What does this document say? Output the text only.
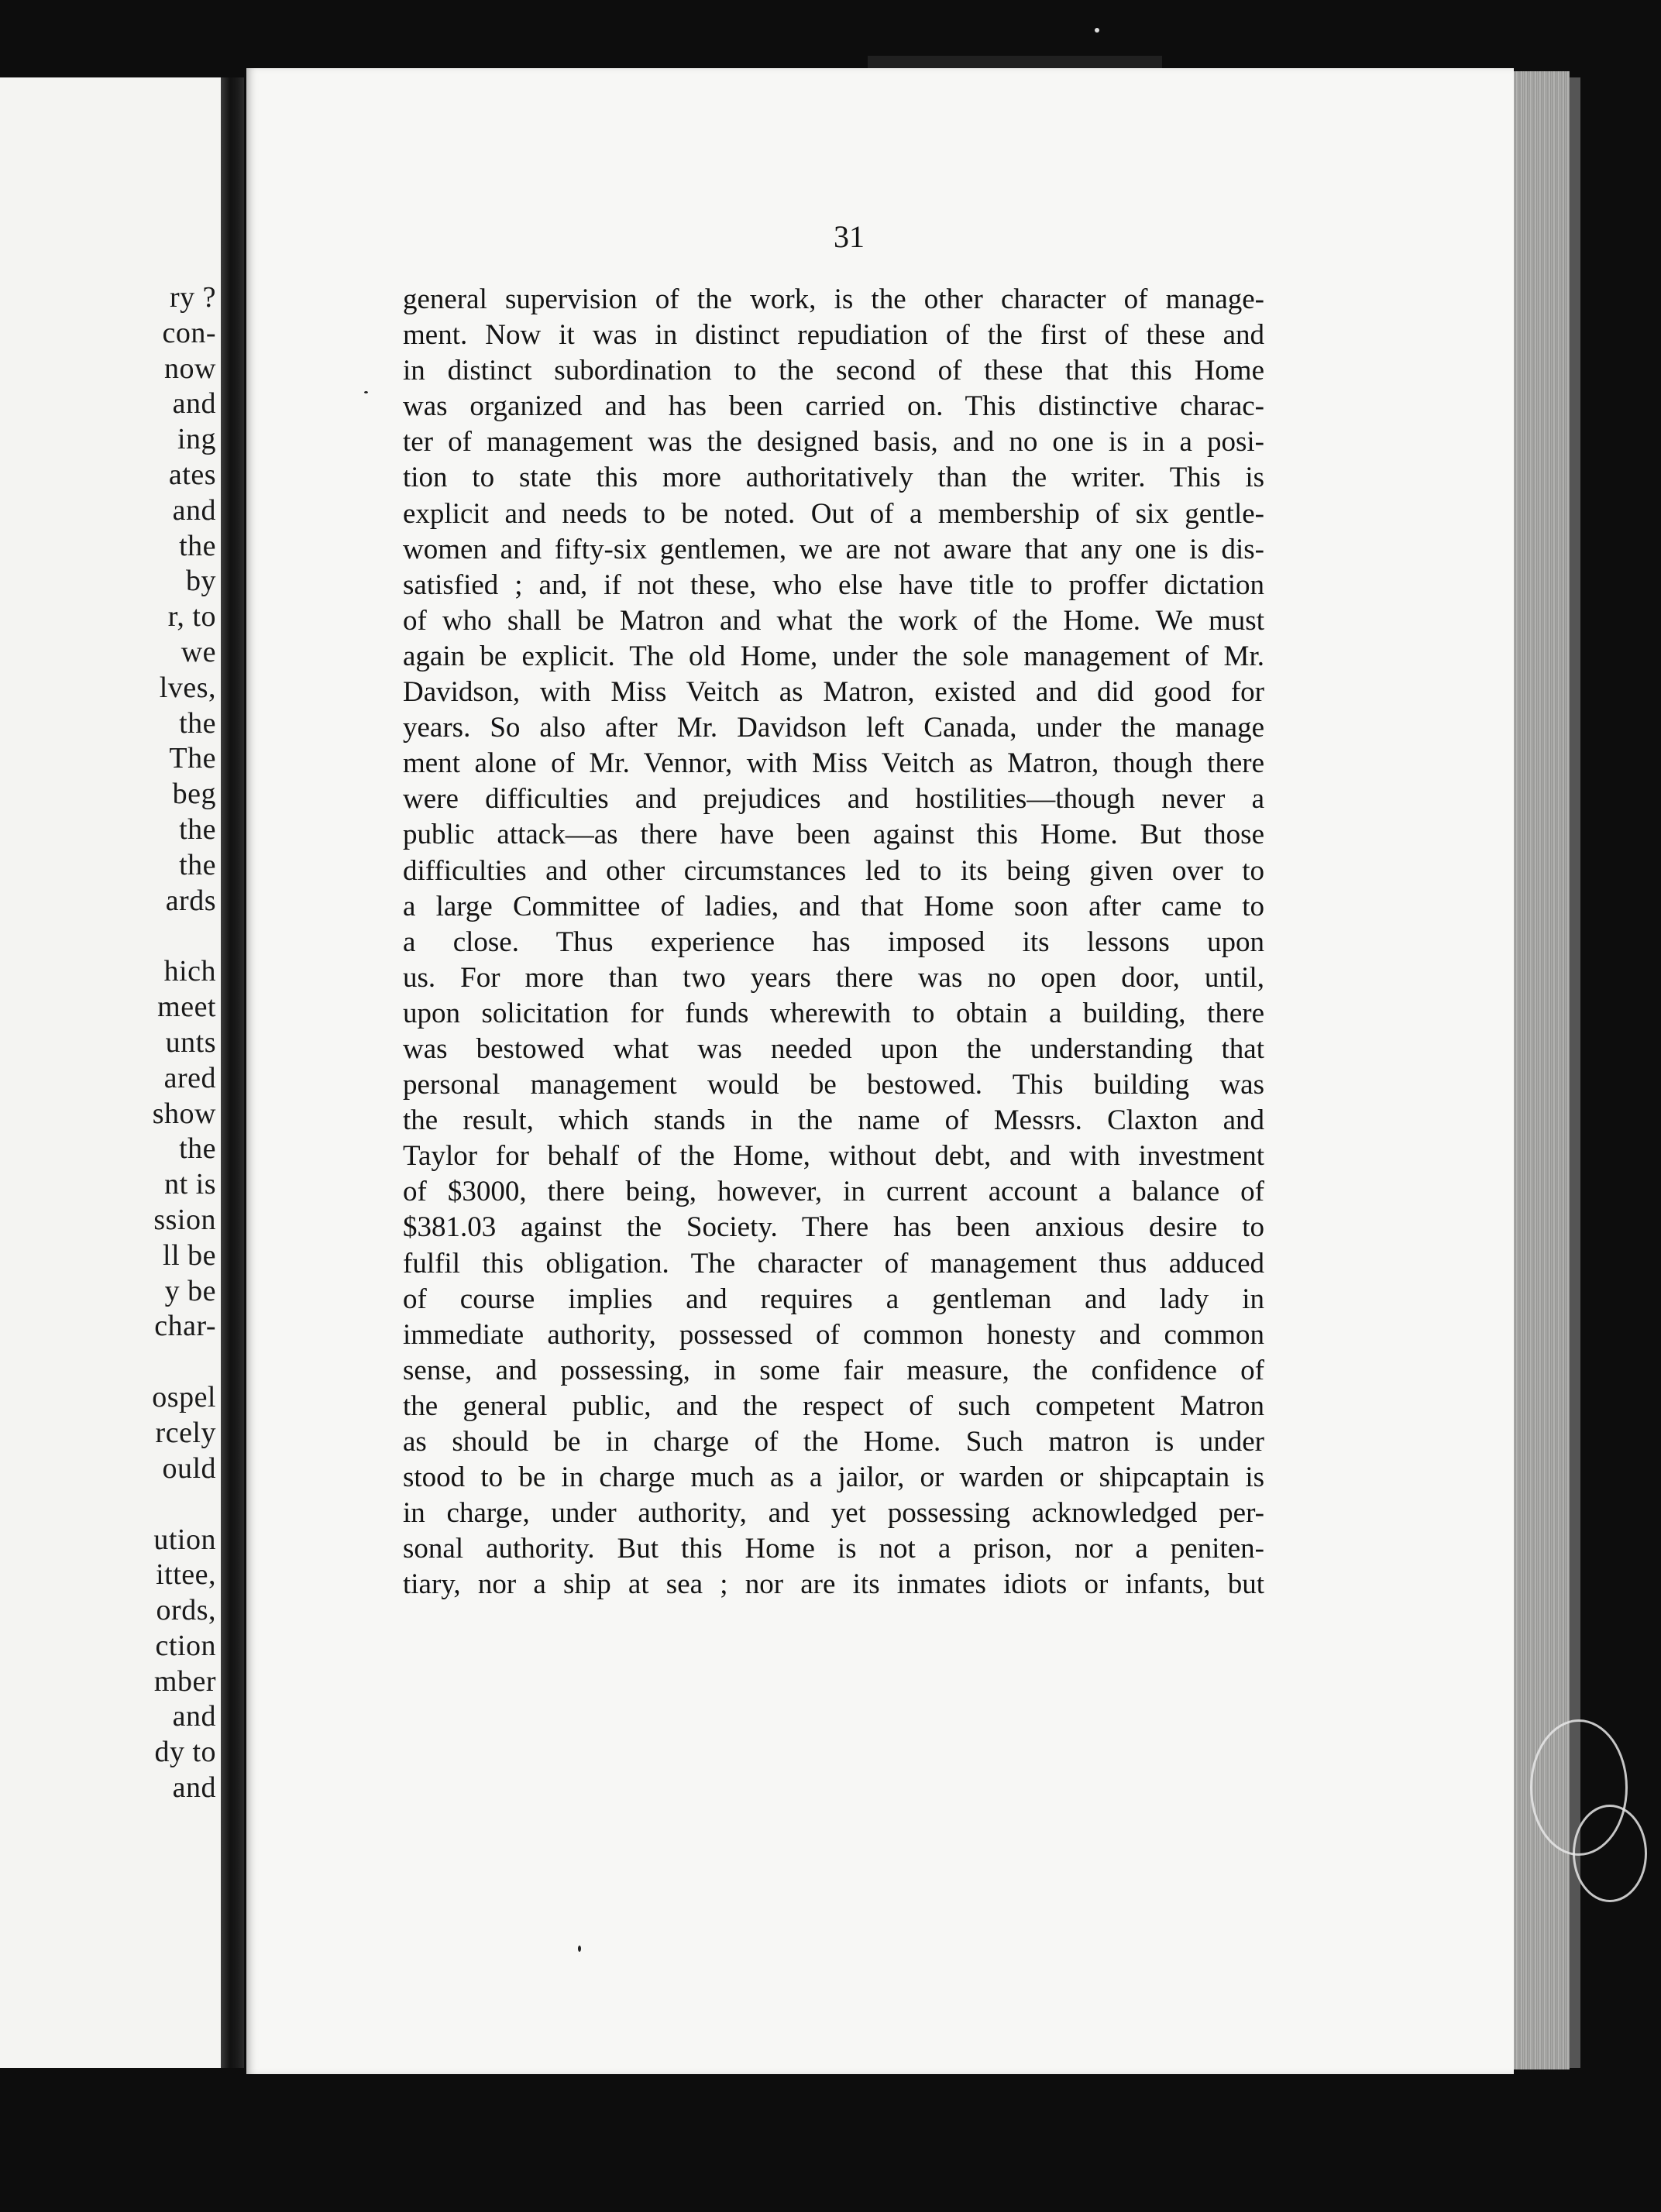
ry ?
con-
now
and
ing
ates
and
the
by
r, to
we
lves,
the
The
beg
the
the
ards
hich
meet
unts
ared
show
the
nt is
ssion
ll be
y be
char-
ospel
rcely
ould
ution
ittee,
ords,
ction
mber
and
dy to
and
31
general supervision of the work, is the other character of manage-
ment. Now it was in distinct repudiation of the first of these and
in distinct subordination to the second of these that this Home
was organized and has been carried on. This distinctive charac-
ter of management was the designed basis, and no one is in a posi-
tion to state this more authoritatively than the writer. This is
explicit and needs to be noted. Out of a membership of six gentle-
women and fifty-six gentlemen, we are not aware that any one is dis-
satisfied ; and, if not these, who else have title to proffer dictation
of who shall be Matron and what the work of the Home. We must
again be explicit. The old Home, under the sole management of Mr.
Davidson, with Miss Veitch as Matron, existed and did good for
years. So also after Mr. Davidson left Canada, under the manage
ment alone of Mr. Vennor, with Miss Veitch as Matron, though there
were difficulties and prejudices and hostilities—though never a
public attack—as there have been against this Home. But those
difficulties and other circumstances led to its being given over to
a large Committee of ladies, and that Home soon after came to
a close. Thus experience has imposed its lessons upon
us. For more than two years there was no open door, until,
upon solicitation for funds wherewith to obtain a building, there
was bestowed what was needed upon the understanding that
personal management would be bestowed. This building was
the result, which stands in the name of Messrs. Claxton and
Taylor for behalf of the Home, without debt, and with investment
of $3000, there being, however, in current account a balance of
$381.03 against the Society. There has been anxious desire to
fulfil this obligation. The character of management thus adduced
of course implies and requires a gentleman and lady in
immediate authority, possessed of common honesty and common
sense, and possessing, in some fair measure, the confidence of
the general public, and the respect of such competent Matron
as should be in charge of the Home. Such matron is under
stood to be in charge much as a jailor, or warden or shipcaptain is
in charge, under authority, and yet possessing acknowledged per-
sonal authority. But this Home is not a prison, nor a peniten-
tiary, nor a ship at sea ; nor are its inmates idiots or infants, but
